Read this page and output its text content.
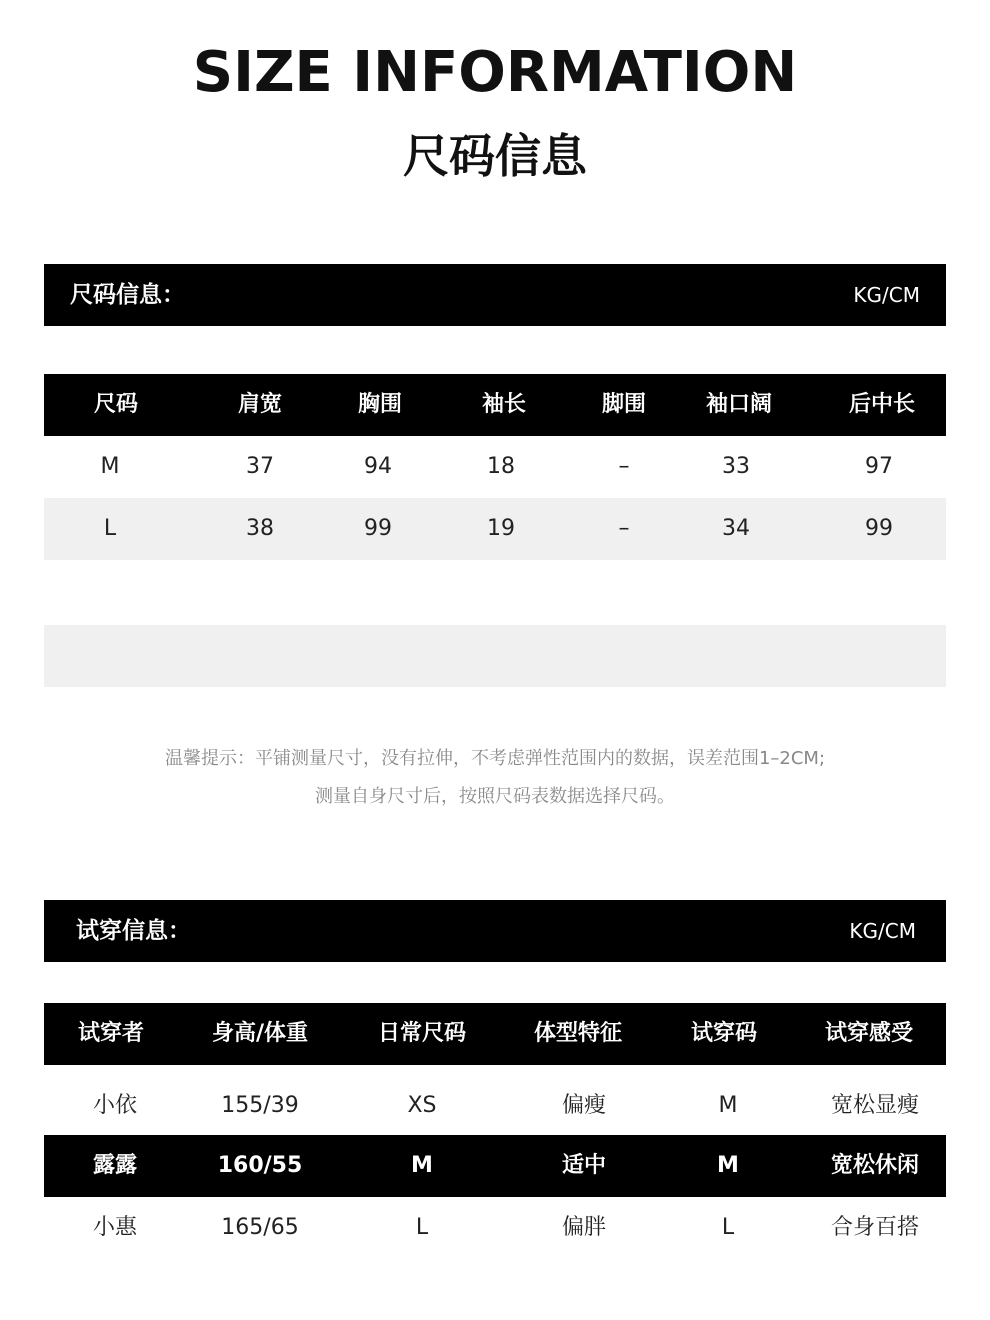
SIZE INFORMATION
尺码信息
尺码信息：	KG/CM
尺码	肩宽	胸围	袖长	脚围	袖口阔	后中长
M	37	94	18	–	33	97
L	38	99	19	–	34	99
温馨提示：平铺测量尺寸，没有拉伸，不考虑弹性范围内的数据，误差范围1–2CM;
测量自身尺寸后，按照尺码表数据选择尺码。
试穿信息：	KG/CM
试穿者	身高/体重	日常尺码	体型特征	试穿码	试穿感受
小依	155/39	XS	偏瘦	M	宽松显瘦
露露	160/55	M	适中	M	宽松休闲
小惠	165/65	L	偏胖	L	合身百搭
